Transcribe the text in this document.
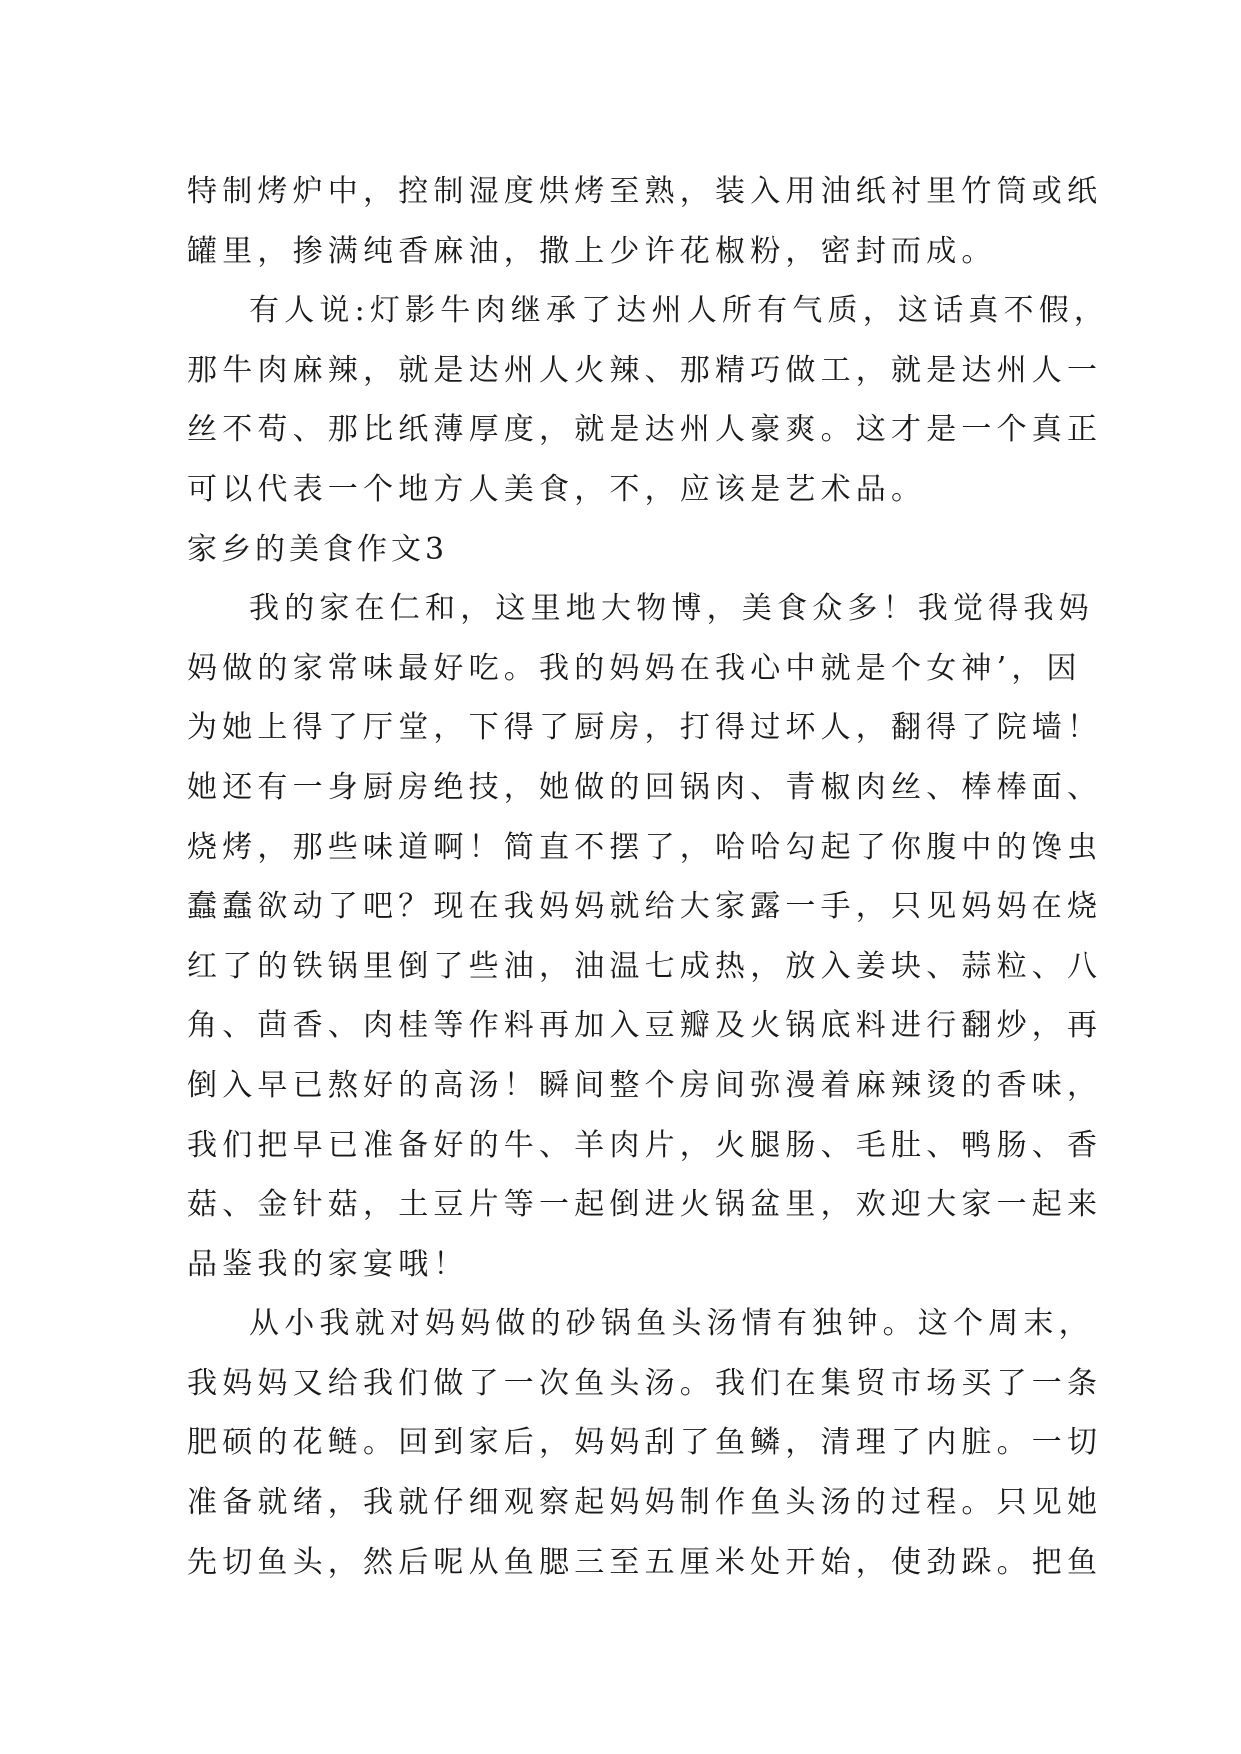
特制烤炉中，控制湿度烘烤至熟，装入用油纸衬里竹筒或纸
罐里，掺满纯香麻油，撒上少许花椒粉，密封而成。
有人说:灯影牛肉继承了达州人所有气质，这话真不假，
那牛肉麻辣，就是达州人火辣、那精巧做工，就是达州人一
丝不苟、那比纸薄厚度，就是达州人豪爽。这才是一个真正
可以代表一个地方人美食，不，应该是艺术品。
家乡的美食作文3
我的家在仁和，这里地大物博，美食众多！我觉得我妈
妈做的家常味最好吃。我的妈妈在我心中就是个女神’，因
为她上得了厅堂，下得了厨房，打得过坏人，翻得了院墙！
她还有一身厨房绝技，她做的回锅肉、青椒肉丝、棒棒面、
烧烤，那些味道啊！简直不摆了，哈哈勾起了你腹中的馋虫
蠢蠢欲动了吧？现在我妈妈就给大家露一手，只见妈妈在烧
红了的铁锅里倒了些油，油温七成热，放入姜块、蒜粒、八
角、茴香、肉桂等作料再加入豆瓣及火锅底料进行翻炒，再
倒入早已熬好的高汤！瞬间整个房间弥漫着麻辣烫的香味，
我们把早已准备好的牛、羊肉片，火腿肠、毛肚、鸭肠、香
菇、金针菇，土豆片等一起倒进火锅盆里，欢迎大家一起来
品鉴我的家宴哦！
从小我就对妈妈做的砂锅鱼头汤情有独钟。这个周末，
我妈妈又给我们做了一次鱼头汤。我们在集贸市场买了一条
肥硕的花鲢。回到家后，妈妈刮了鱼鳞，清理了内脏。一切
准备就绪，我就仔细观察起妈妈制作鱼头汤的过程。只见她
先切鱼头，然后呢从鱼腮三至五厘米处开始，使劲跺。把鱼
